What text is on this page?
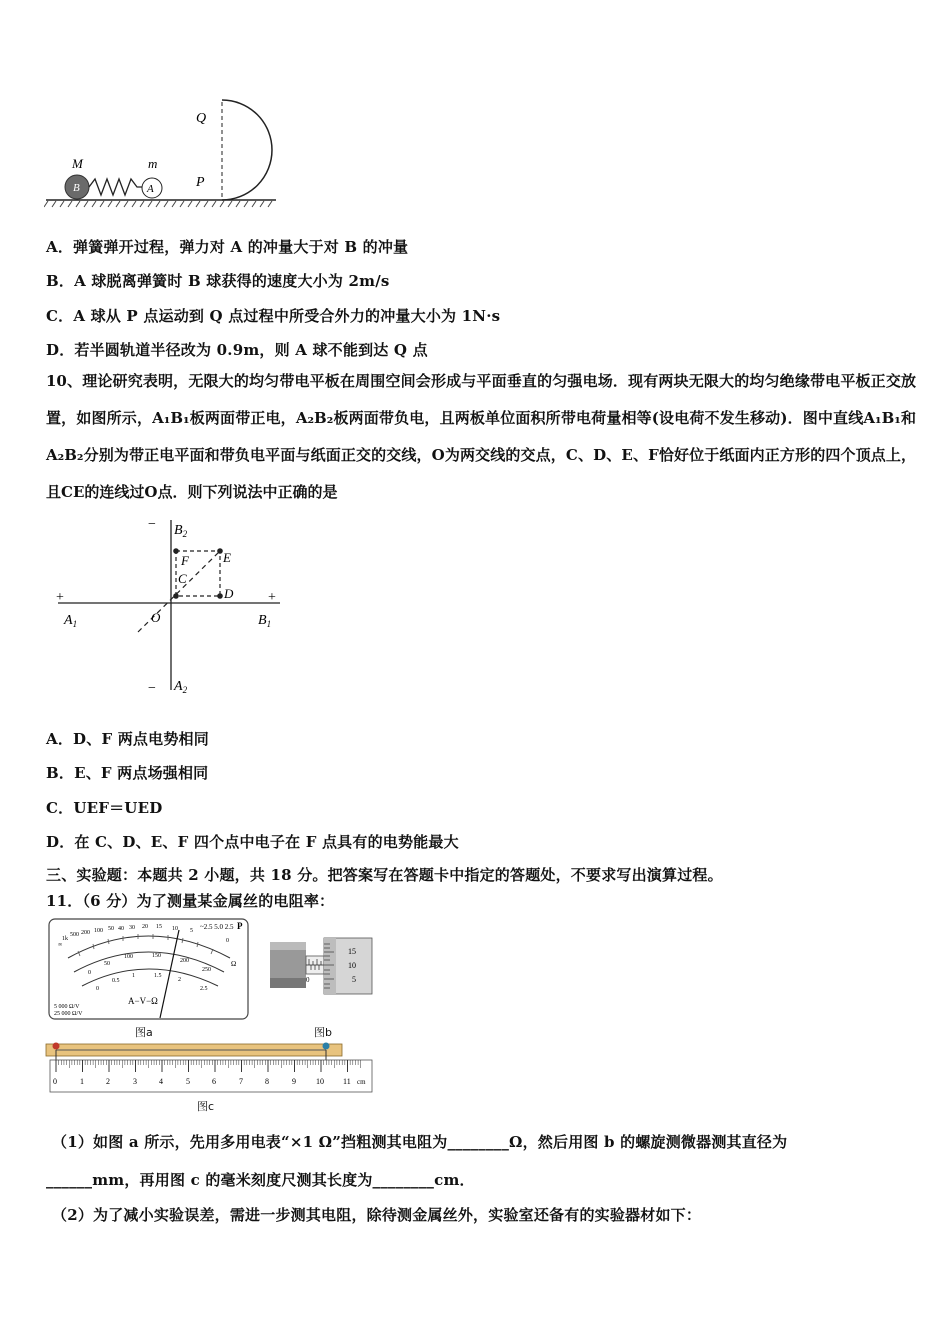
B	A
M	m
Q
P
A．弹簧弹开过程，弹力对 A 的冲量大于对 B 的冲量
B．A 球脱离弹簧时 B 球获得的速度大小为 2m/s
C．A 球从 P 点运动到 Q 点过程中所受合外力的冲量大小为 1N·s
D．若半圆轨道半径改为 0.9m，则 A 球不能到达 Q 点
10、理论研究表明，无限大的均匀带电平板在周围空间会形成与平面垂直的匀强电场．现有两块无限大的均匀绝缘带电平板正交放置，如图所示，A₁B₁板两面带正电，A₂B₂板两面带负电，且两板单位面积所带电荷量相等(设电荷不发生移动)．图中直线A₁B₁和A₂B₂分别为带正电平面和带负电平面与纸面正交的交线，O为两交线的交点，C、D、E、F恰好位于纸面内正方形的四个顶点上，且CE的连线过O点．则下列说法中正确的是
− $B_2$
F	E
C
D
+	+
$A_1$	O	$B_1$
− $A_2$
A．D、F 两点电势相同
B．E、F 两点场强相同
C．UEF＝UED
D．在 C、D、E、F 四个点中电子在 F 点具有的电势能最大
三、实验题：本题共 2 小题，共 18 分。把答案写在答题卡中指定的答题处，不要求写出演算过程。
11．（6 分）为了测量某金属丝的电阻率：
∞
1k
500 200 100 50 40 30 20 15 10 5
0
~2.5 5.0 2.5 P
Ω
0
50
100	150
200
250
0
0.5
1	1.5
2
2.5
A−V−Ω
5 000 Ω/V
25 000 Ω/V
图a
0
15
10
5
图b
0	1	2	3	4	5	6	7	8	9	10 11 cm
图c
（1）如图 a 所示，先用多用电表“×1 Ω”挡粗测其电阻为________Ω，然后用图 b 的螺旋测微器测其直径为
______mm，再用图 c 的毫米刻度尺测其长度为________cm．
（2）为了减小实验误差，需进一步测其电阻，除待测金属丝外，实验室还备有的实验器材如下：
